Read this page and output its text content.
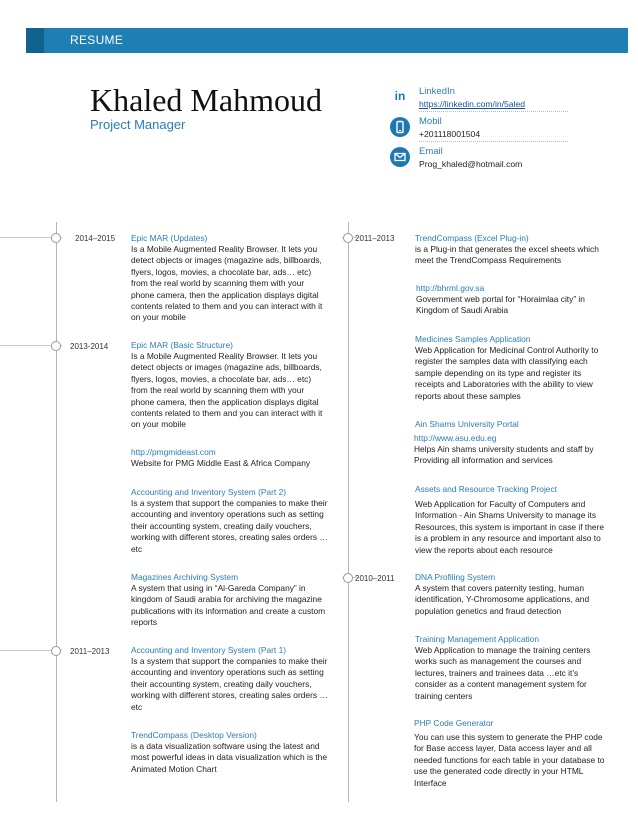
RESUME
Khaled Mahmoud
Project Manager
in	LinkedIn
https://linkedin.com/in/5aled
Mobil
+201118001504
Email
Prog_khaled@hotmail.com
2014–2015
2013-2014
2011–2013
Epic MAR (Updates)
Is a Mobile Augmented Reality Browser. It lets you detect objects or images (magazine ads, billboards, flyers, logos, movies, a chocolate bar, ads… etc) from the real world by scanning them with your phone camera, then the application displays digital contents related to them and you can interact with it on your mobile
Epic MAR (Basic Structure)
Is a Mobile Augmented Reality Browser. It lets you detect objects or images (magazine ads, billboards, flyers, logos, movies, a chocolate bar, ads… etc) from the real world by scanning them with your phone camera, then the application displays digital contents related to them and you can interact with it on your mobile
http://pmgmideast.com
Website for PMG Middle East & Africa Company
Accounting and Inventory System (Part 2)
Is a system that support the companies to make their accounting and inventory operations such as setting their accounting system, creating daily vouchers, working with different stores, creating sales orders … etc
Magazines Archiving System
A system that using in “Al-Gareda Company” in kingdom of Saudi arabia for archiving the magazine publications with its information and create a custom reports
Accounting and Inventory System (Part 1)
Is a system that support the companies to make their accounting and inventory operations such as setting their accounting system, creating daily vouchers, working with different stores, creating sales orders … etc
TrendCompass (Desktop Version)
is a data visualization software using the latest and most powerful ideas in data visualization which is the Animated Motion Chart
2011–2013
2010–2011
TrendCompass (Excel Plug-in)
is a Plug-in that generates the excel sheets which meet the TrendCompass Requirements
http://bhrml.gov.sa
Government web portal for “Horaimlaa city” in Kingdom of Saudi Arabia
Medicines Samples Application
Web Application for Medicinal Control Authority to register the samples data with classifying each sample depending on its type and register its receipts and Laboratories with the ability to view reports about these samples
Ain Shams University Portal
http://www.asu.edu.eg
Helps Ain shams university students and staff by Providing all information and services
Assets and Resource Tracking Project
Web Application for Faculty of Computers and Information - Ain Shams University to manage its Resources, this system is important in case if there is a problem in any resource and important also to view the reports about each resource
DNA Profiling System
A system that covers paternity testing, human identification, Y-Chromosome applications, and population genetics and fraud detection
Training Management Application
Web Application to manage the training centers works such as management the courses and lectures, trainers and trainees data …etc it’s consider as a content management system for training centers
PHP Code Generator
You can use this system to generate the PHP code for Base access layer, Data access layer and all needed functions for each table in your database to use the generated code directly in your HTML Interface
